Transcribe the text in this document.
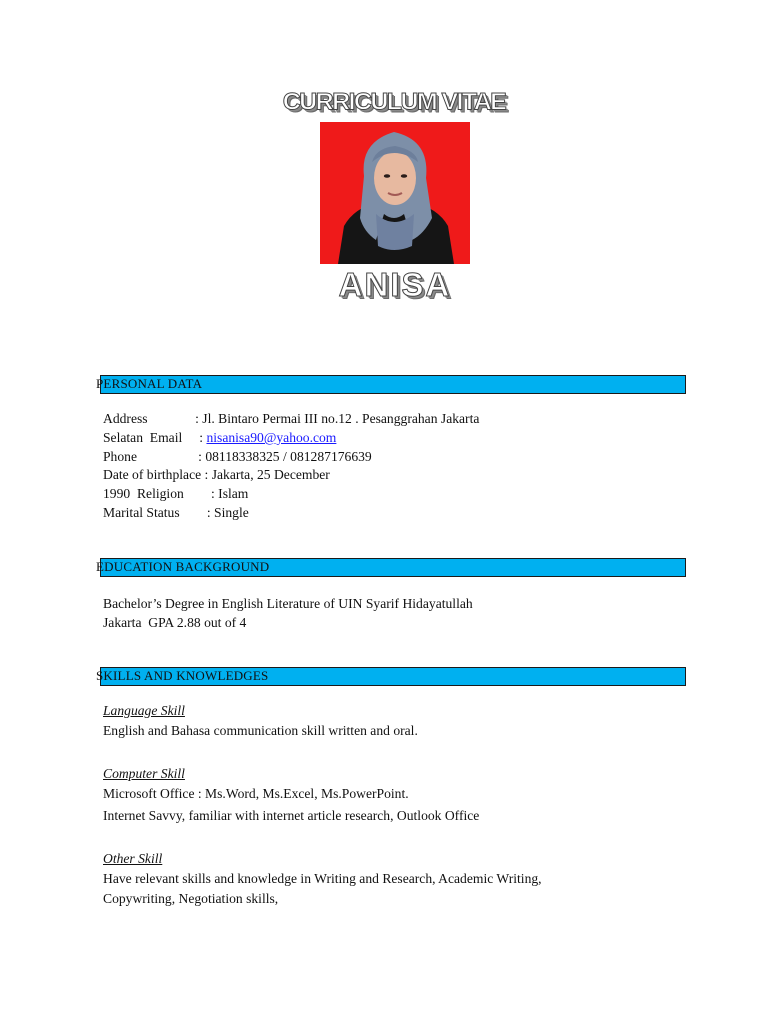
CURRICULUM VITAE
ANISA
PERSONAL DATA
Address              : Jl. Bintaro Permai III no.12 . Pesanggrahan Jakarta
Selatan  Email     : nisanisa90@yahoo.com
Phone                  : 08118338325 / 081287176639
Date of birthplace : Jakarta, 25 December
1990  Religion        : Islam
Marital Status        : Single
EDUCATION BACKGROUND
Bachelor’s Degree in English Literature of UIN Syarif Hidayatullah
Jakarta  GPA 2.88 out of 4
SKILLS AND KNOWLEDGES
Language Skill
English and Bahasa communication skill written and oral.
Computer Skill
Microsoft Office : Ms.Word, Ms.Excel, Ms.PowerPoint.
Internet Savvy, familiar with internet article research, Outlook Office
Other Skill
Have relevant skills and knowledge in Writing and Research, Academic Writing,
Copywriting, Negotiation skills,
